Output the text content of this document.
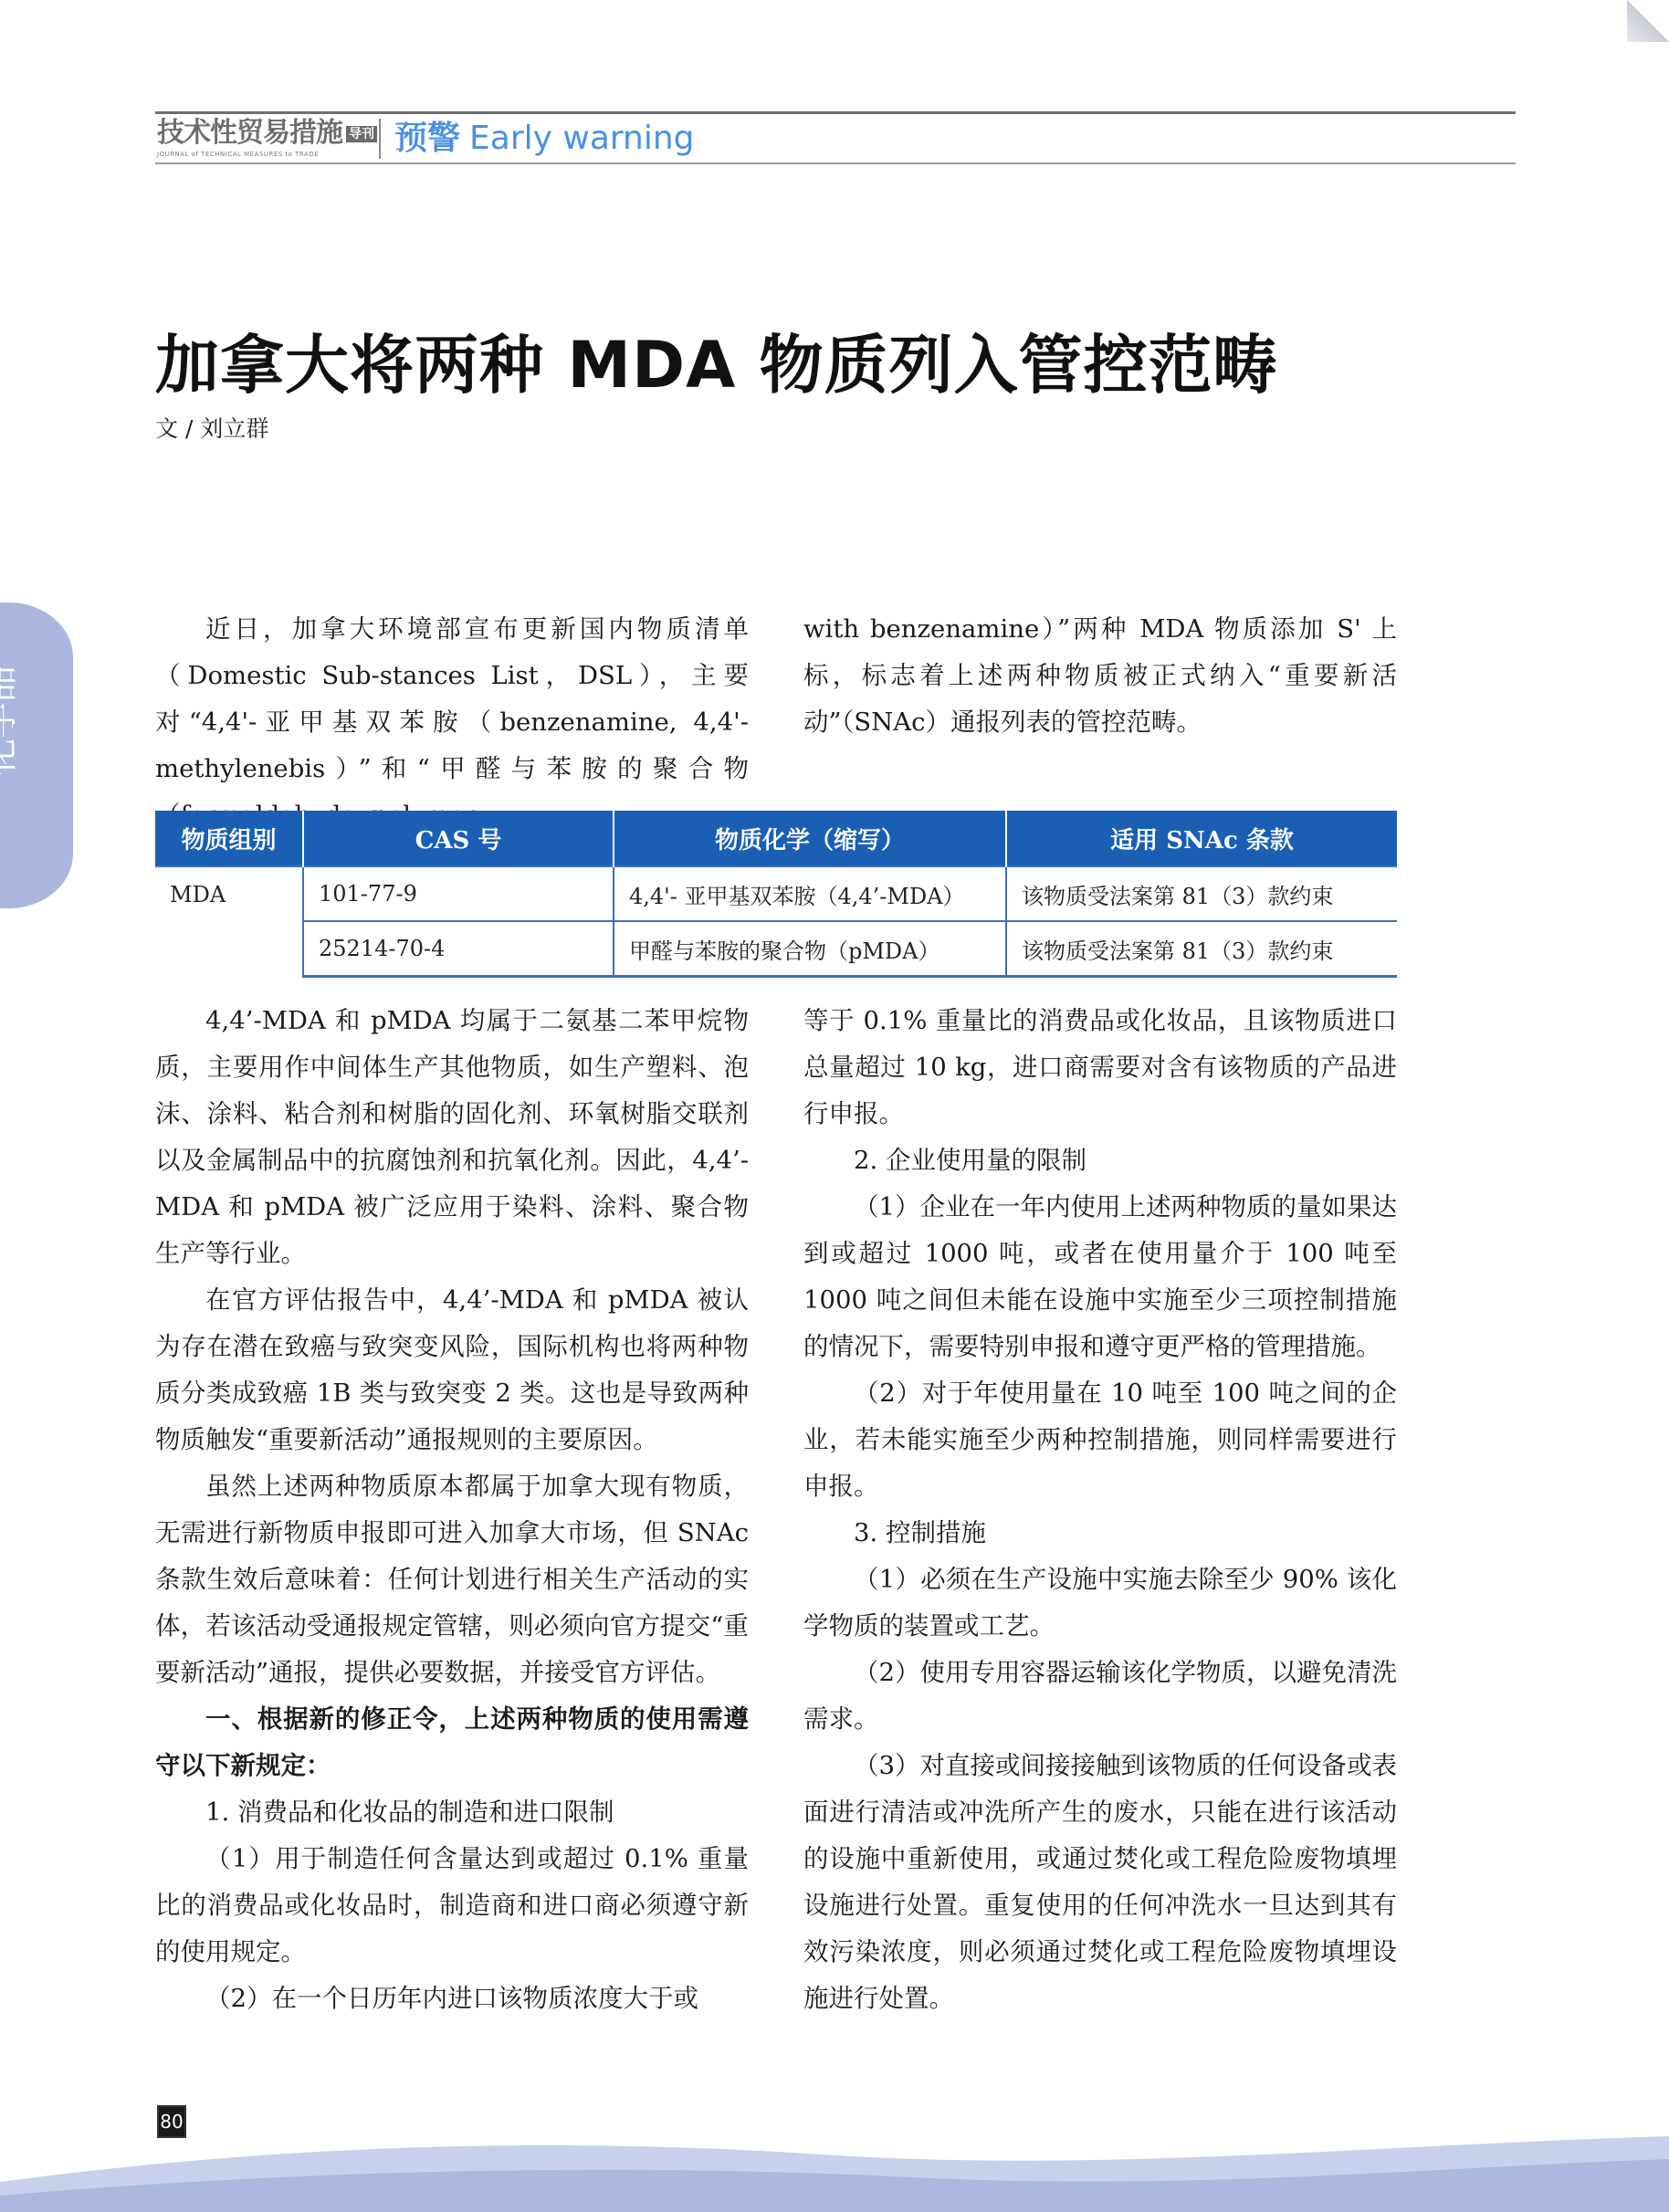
技术性贸易措施 导刊
JOURNAL of TECHNICAL MEASURES to TRADE	预警 Early warning
加拿大将两种 MDA 物质列入管控范畴
文 / 刘立群

近日，加拿大环境部宣布更新国内物质清单（Domestic Sub-stances List，DSL），主要对“4,4'-亚甲基双苯胺（benzenamine, 4,4'-methylenebis）”和“甲醛与苯胺的聚合物

with benzenamine）”两种 MDA 物质添加 S' 上标，标志着上述两种物质被正式纳入“重要新活动”（SNAc）通报列表的管控范畴。

物质组别	CAS 号	物质化学（缩写）	适用 SNAc 条款
MDA	101-77-9	4,4'- 亚甲基双苯胺（4,4’-MDA）	该物质受法案第 81（3）款约束
	25214-70-4	甲醛与苯胺的聚合物（pMDA）	该物质受法案第 81（3）款约束

4,4’-MDA 和 pMDA 均属于二氨基二苯甲烷物质，主要用作中间体生产其他物质，如生产塑料、泡沫、涂料、粘合剂和树脂的固化剂、环氧树脂交联剂以及金属制品中的抗腐蚀剂和抗氧化剂。因此，4,4’-MDA 和 pMDA 被广泛应用于染料、涂料、聚合物生产等行业。

在官方评估报告中，4,4’-MDA 和 pMDA 被认为存在潜在致癌与致突变风险，国际机构也将两种物质分类成致癌 1B 类与致突变 2 类。这也是导致两种物质触发“重要新活动”通报规则的主要原因。

虽然上述两种物质原本都属于加拿大现有物质，无需进行新物质申报即可进入加拿大市场，但 SNAc 条款生效后意味着：任何计划进行相关生产活动的实体，若该活动受通报规定管辖，则必须向官方提交“重要新活动”通报，提供必要数据，并接受官方评估。

一、根据新的修正令，上述两种物质的使用需遵守以下新规定：

1. 消费品和化妆品的制造和进口限制

（1）用于制造任何含量达到或超过 0.1% 重量比的消费品或化妆品时，制造商和进口商必须遵守新的使用规定。

（2）在一个日历年内进口该物质浓度大于或

等于 0.1% 重量比的消费品或化妆品，且该物质进口总量超过 10 kg，进口商需要对含有该物质的产品进行申报。

2. 企业使用量的限制

（1）企业在一年内使用上述两种物质的量如果达到或超过 1000 吨，或者在使用量介于 100 吨至 1000 吨之间但未能在设施中实施至少三项控制措施的情况下，需要特别申报和遵守更严格的管理措施。

（2）对于年使用量在 10 吨至 100 吨之间的企业，若未能实施至少两种控制措施，则同样需要进行申报。

3. 控制措施

（1）必须在生产设施中实施去除至少 90% 该化学物质的装置或工艺。

（2）使用专用容器运输该化学物质，以避免清洗需求。

（3）对直接或间接接触到该物质的任何设备或表面进行清洁或冲洗所产生的废水，只能在进行该活动的设施中重新使用，或通过焚化或工程危险废物填埋设施进行处置。重复使用的任何冲洗水一旦达到其有效污染浓度，则必须通过焚化或工程危险废物填埋设施进行处置。

80
